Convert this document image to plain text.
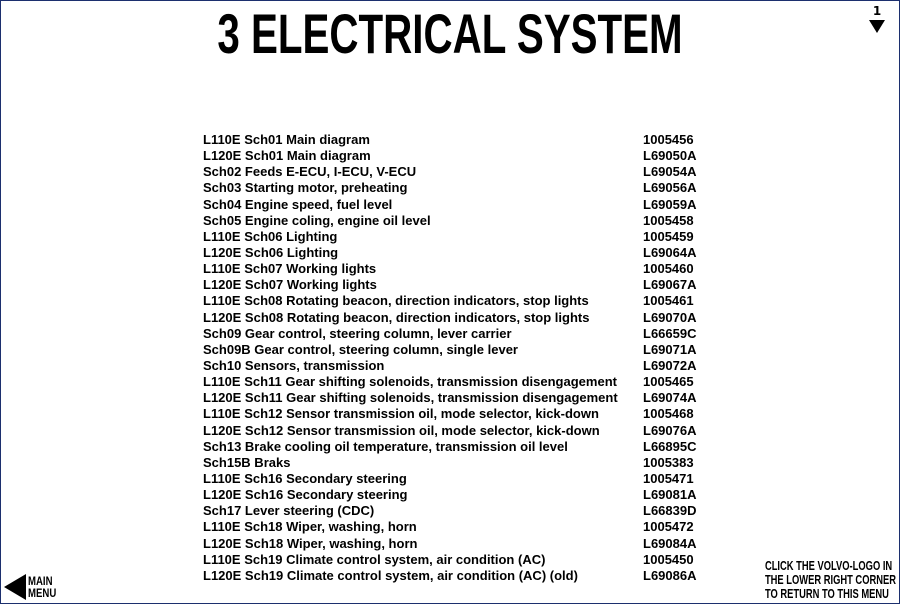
3 ELECTRICAL SYSTEM	1
L110E Sch01 Main diagram	1005456
L120E Sch01 Main diagram	L69050A
Sch02 Feeds E-ECU, I-ECU, V-ECU	L69054A
Sch03 Starting motor, preheating	L69056A
Sch04 Engine speed, fuel level	L69059A
Sch05 Engine coling, engine oil level	1005458
L110E Sch06 Lighting	1005459
L120E Sch06 Lighting	L69064A
L110E Sch07 Working lights	1005460
L120E Sch07 Working lights	L69067A
L110E Sch08 Rotating beacon, direction indicators, stop lights	1005461
L120E Sch08 Rotating beacon, direction indicators, stop lights	L69070A
Sch09 Gear control, steering column, lever carrier	L66659C
Sch09B Gear control, steering column, single lever	L69071A
Sch10 Sensors, transmission	L69072A
L110E Sch11 Gear shifting solenoids, transmission disengagement	1005465
L120E Sch11 Gear shifting solenoids, transmission disengagement	L69074A
L110E Sch12 Sensor transmission oil, mode selector, kick-down	1005468
L120E Sch12 Sensor transmission oil, mode selector, kick-down	L69076A
Sch13 Brake cooling oil temperature, transmission oil level	L66895C
Sch15B Braks	1005383
L110E Sch16 Secondary steering	1005471
L120E Sch16 Secondary steering	L69081A
Sch17 Lever steering (CDC)	L66839D
L110E Sch18 Wiper, washing, horn	1005472
L120E Sch18 Wiper, washing, horn	L69084A
L110E Sch19 Climate control system, air condition (AC)	1005450
L120E Sch19 Climate control system, air condition (AC) (old)	L69086A
MAIN
MENU
CLICK THE VOLVO-LOGO IN
THE LOWER RIGHT CORNER
TO RETURN TO THIS MENU
